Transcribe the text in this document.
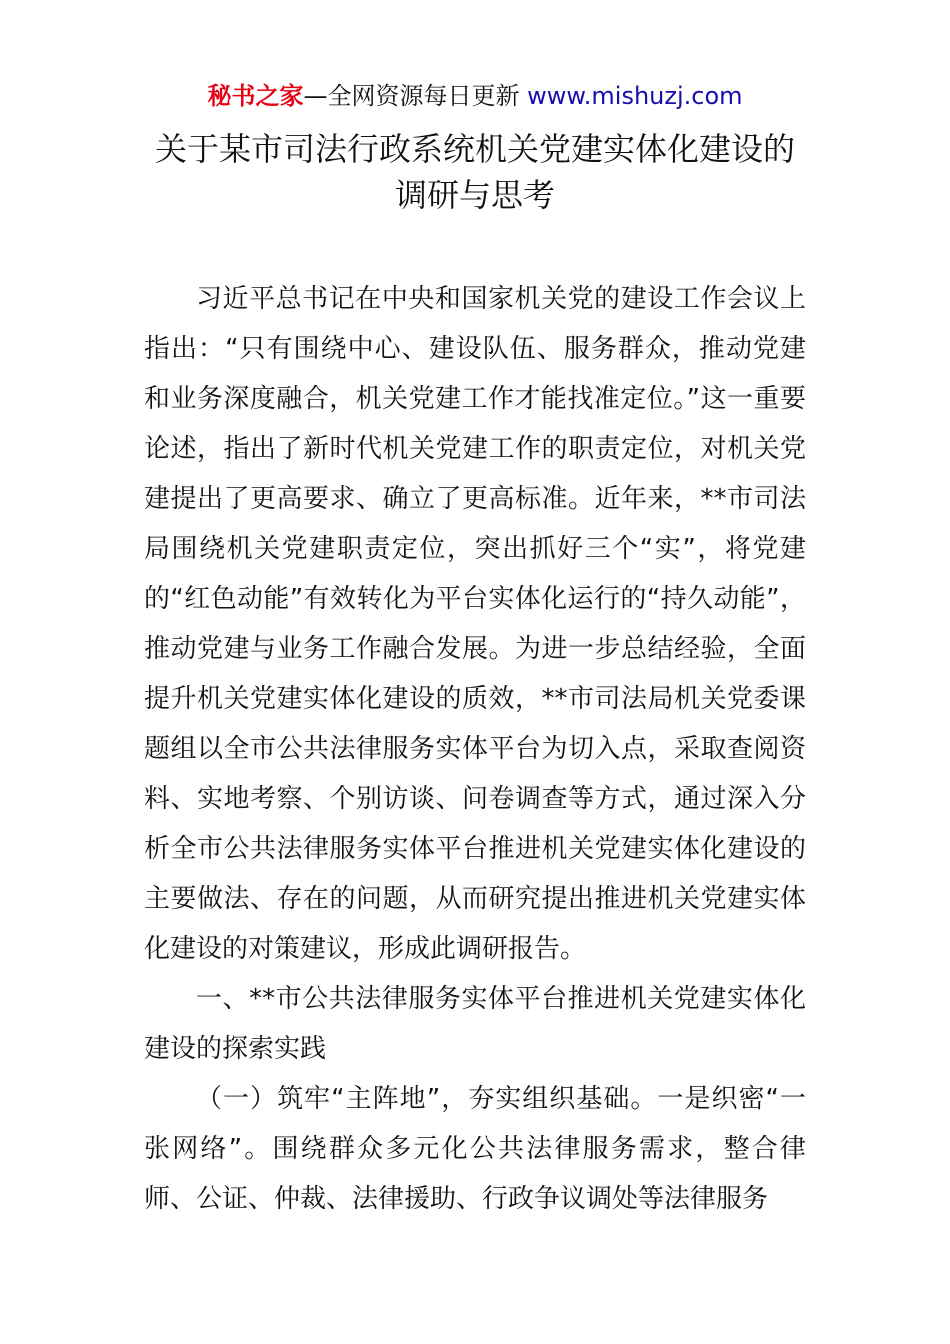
秘书之家—全网资源每日更新 www.mishuzj.com
关于某市司法行政系统机关党建实体化建设的
调研与思考

习近平总书记在中央和国家机关党的建设工作会议上指出：“只有围绕中心、建设队伍、服务群众，推动党建和业务深度融合，机关党建工作才能找准定位。”这一重要论述，指出了新时代机关党建工作的职责定位，对机关党建提出了更高要求、确立了更高标准。近年来，**市司法局围绕机关党建职责定位，突出抓好三个“实”，将党建的“红色动能”有效转化为平台实体化运行的“持久动能”，推动党建与业务工作融合发展。为进一步总结经验，全面提升机关党建实体化建设的质效，**市司法局机关党委课题组以全市公共法律服务实体平台为切入点，采取查阅资料、实地考察、个别访谈、问卷调查等方式，通过深入分析全市公共法律服务实体平台推进机关党建实体化建设的主要做法、存在的问题，从而研究提出推进机关党建实体化建设的对策建议，形成此调研报告。

一、**市公共法律服务实体平台推进机关党建实体化建设的探索实践

（一）筑牢“主阵地”，夯实组织基础。一是织密“一张网络”。围绕群众多元化公共法律服务需求，整合律师、公证、仲裁、法律援助、行政争议调处等法律服务
